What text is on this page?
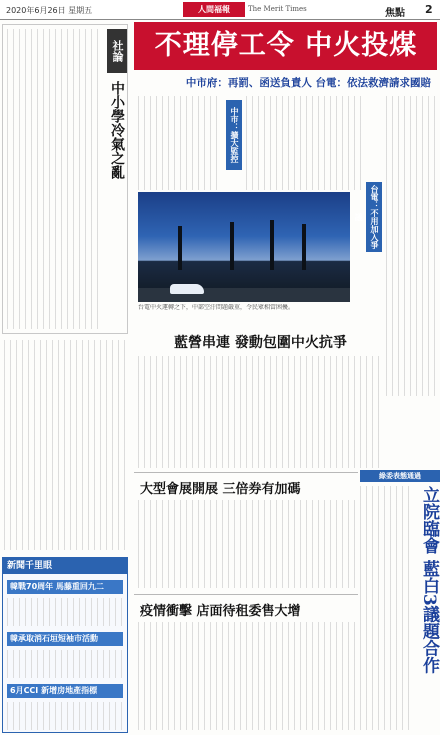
2020年6月26日 星期五	人間福報	The Merit Times	焦點 2
社論
中小學冷氣之亂
新聞千里眼
韓戰70周年 馬藤重回九二
韓承取消石垣短袖市活動
6月CCI 新增房地產指標
不理停工令 中火投煤
中市府：再罰、函送負責人 台電：依法救濟請求國賠
中市：擴大監控
台電：不用加入爭議
台電中火運轉之下，中部空汙問題嚴重，令民眾相當困擾。
藍營串連 發動包圍中火抗爭
大型會展開展 三倍券有加碼
疫情衝擊 店面待租委售大增
綠委表態通過
立院臨會 藍白3議題合作
